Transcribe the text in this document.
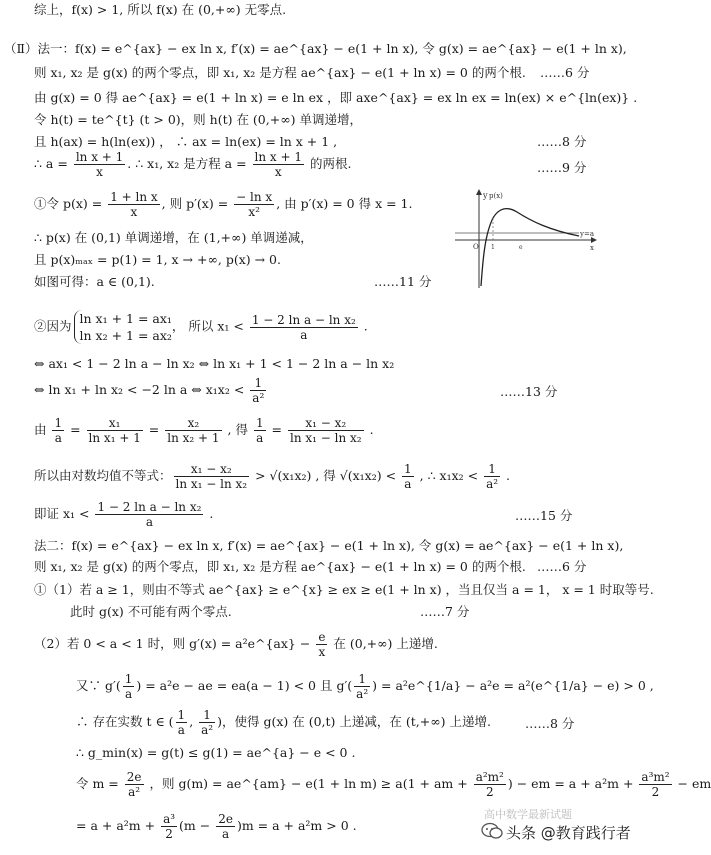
综上，f(x) > 1, 所以 f(x) 在 (0,+∞) 无零点.
（Ⅱ）法一：f(x) = e^{ax} − ex ln x, f′(x) = ae^{ax} − e(1 + ln x), 令 g(x) = ae^{ax} − e(1 + ln x),
则 x₁, x₂ 是 g(x) 的两个零点，即 x₁, x₂ 是方程 ae^{ax} − e(1 + ln x) = 0 的两个根. ……6 分
由 g(x) = 0 得 ae^{ax} = e(1 + ln x) = e ln ex ，即 axe^{ax} = ex ln ex = ln(ex) × e^{ln(ex)} .
令 h(t) = te^{t} (t > 0)，则 h(t) 在 (0,+∞) 单调递增，
且 h(ax) = h(ln(ex)) ， ∴ ax = ln(ex) = ln x + 1 ,	……8 分
∴ $a = \frac{\text{ln x + 1}}{x}$ . ∴ x₁, x₂ 是方程 $a = \frac{\text{ln x + 1}}{x}$ 的两根.	……9 分
①令 $p(x) = \frac{\text{1 + ln x}}{x}$ , 则 $p'(x) = \frac{\text{− ln x}}{\text{x²}}$ , 由 p′(x) = 0 得 x = 1.
∴ p(x) 在 (0,1) 单调递增，在 (1,+∞) 单调递减，
且 p(x)ₘₐₓ = p(1) = 1, x → +∞, p(x) → 0.
如图可得：a ∈ (0,1).	……11 分
y p(x)
y=a
O	x
1	e
②因为 ln x₁ + 1 = ax₁
ln x₂ + 1 = ax₂
， 所以 $x_1 < \frac{\text{1 − 2 ln a − ln x₂}}{a}$ .
⇔ ax₁ < 1 − 2 ln a − ln x₂ ⇔ ln x₁ + 1 < 1 − 2 ln a − ln x₂
⇔ ln x₁ + ln x₂ < −2 ln a ⇔ $x_1x_2 < \frac{1}{\text{a²}}$	……13 分
由 $\frac{1}{a} = \frac{\text{x₁}}{\text{ln x₁ + 1}} = \frac{\text{x₂}}{\text{ln x₂ + 1}}$ , 得 $\frac{1}{a} = \frac{\text{x₁ − x₂}}{\text{ln x₁ − ln x₂}}$ .
所以由对数均值不等式： $\frac{\text{x₁ − x₂}}{\text{ln x₁ − ln x₂}} > √(x_1x_2)$ , 得 $√(x_1x_2) < \frac{1}{a}$ , ∴ $x_1x_2 < \frac{1}{\text{a²}}$ .
即证 $x_1 < \frac{\text{1 − 2 ln a − ln x₂}}{a}$ .	……15 分
法二：f(x) = e^{ax} − ex ln x, f′(x) = ae^{ax} − e(1 + ln x), 令 g(x) = ae^{ax} − e(1 + ln x),
则 x₁, x₂ 是 g(x) 的两个零点，即 x₁, x₂ 是方程 ae^{ax} − e(1 + ln x) = 0 的两个根. ……6 分
①（1）若 a ≥ 1，则由不等式 ae^{ax} ≥ e^{x} ≥ ex ≥ e(1 + ln x) ，当且仅当 a = 1， x = 1 时取等号.
此时 g(x) 不可能有两个零点.	……7 分
（2）若 0 < a < 1 时，则 g′(x) = a²e^{ax} − $\frac{e}{x}$ 在 (0,+∞) 上递增.
又∵ $g'( \frac{1}{a}$ ) = a²e − ae = ea(a − 1) < 0 且 $g'( \frac{1}{\text{a²}}$ ) = a²e^{1/a} − a²e = a²(e^{1/a} − e) > 0 ,
∴ 存在实数 t ∈ ( $\frac{1}{a}$ , $\frac{1}{\text{a²}}$ )，使得 g(x) 在 (0,t) 上递减，在 (t,+∞) 上递增.	……8 分
∴ g_min(x) = g(t) ≤ g(1) = ae^{a} − e < 0 .
令 $m = \frac{2e}{\text{a²}}$ ，则 g(m) = ae^{am} − e(1 + ln m) ≥ a(1 + am + $\frac{\text{a²m²}}{2}$ ) − em = $a + a^2m + \frac{\text{a³m²}}{2}$ − em
= $a + a^2m + \frac{\text{a³}}{2} (m - \frac{2e}{a} )m = a + a^2m > 0$ .
高中数学最新试题
头条 @教育践行者
